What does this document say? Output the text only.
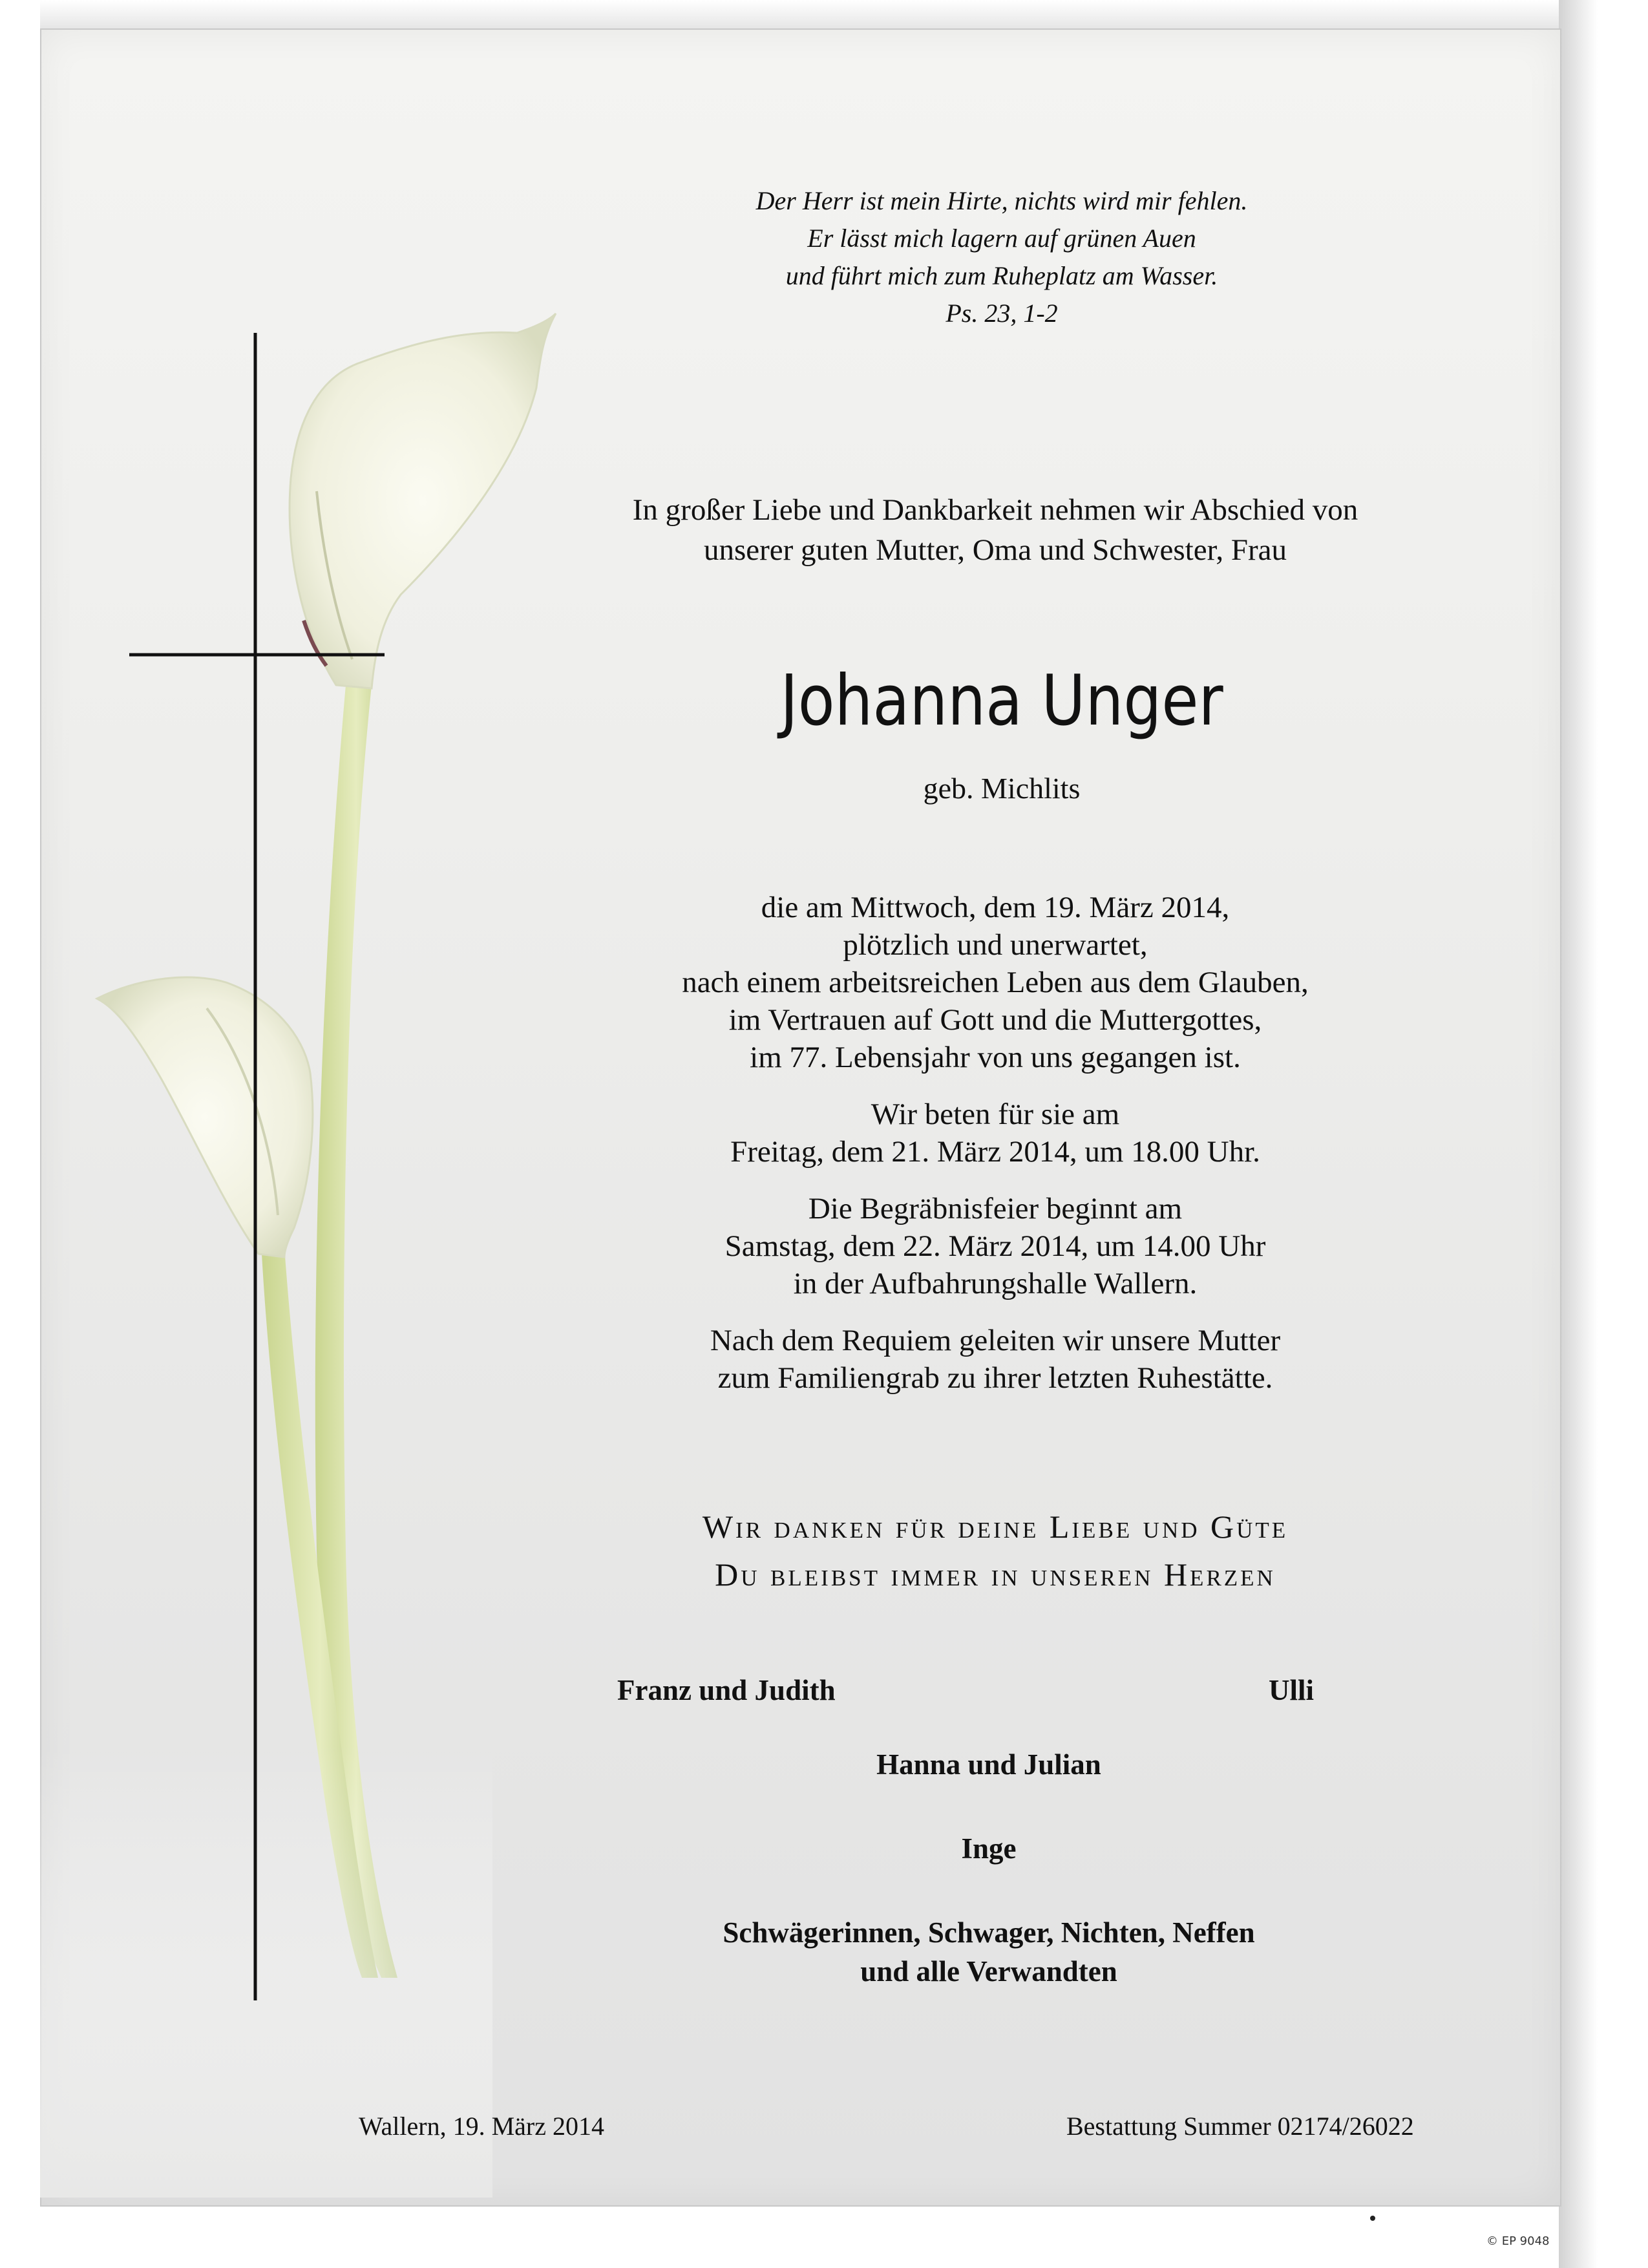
Der Herr ist mein Hirte, nichts wird mir fehlen.
Er lässt mich lagern auf grünen Auen
und führt mich zum Ruheplatz am Wasser.
Ps. 23, 1-2
In großer Liebe und Dankbarkeit nehmen wir Abschied von
unserer guten Mutter, Oma und Schwester, Frau
Johanna Unger
geb. Michlits
die am Mittwoch, dem 19. März 2014,
plötzlich und unerwartet,
nach einem arbeitsreichen Leben aus dem Glauben,
im Vertrauen auf Gott und die Muttergottes,
im 77. Lebensjahr von uns gegangen ist.
Wir beten für sie am
Freitag, dem 21. März 2014, um 18.00 Uhr.
Die Begräbnisfeier beginnt am
Samstag, dem 22. März 2014, um 14.00 Uhr
in der Aufbahrungshalle Wallern.
Nach dem Requiem geleiten wir unsere Mutter
zum Familiengrab zu ihrer letzten Ruhestätte.
Wir danken für deine Liebe und Güte
Du bleibst immer in unseren Herzen
Franz und Judith	Ulli
Hanna und Julian
Inge
Schwägerinnen, Schwager, Nichten, Neffen
und alle Verwandten
Wallern, 19. März 2014	Bestattung Summer 02174/26022
© EP 9048
